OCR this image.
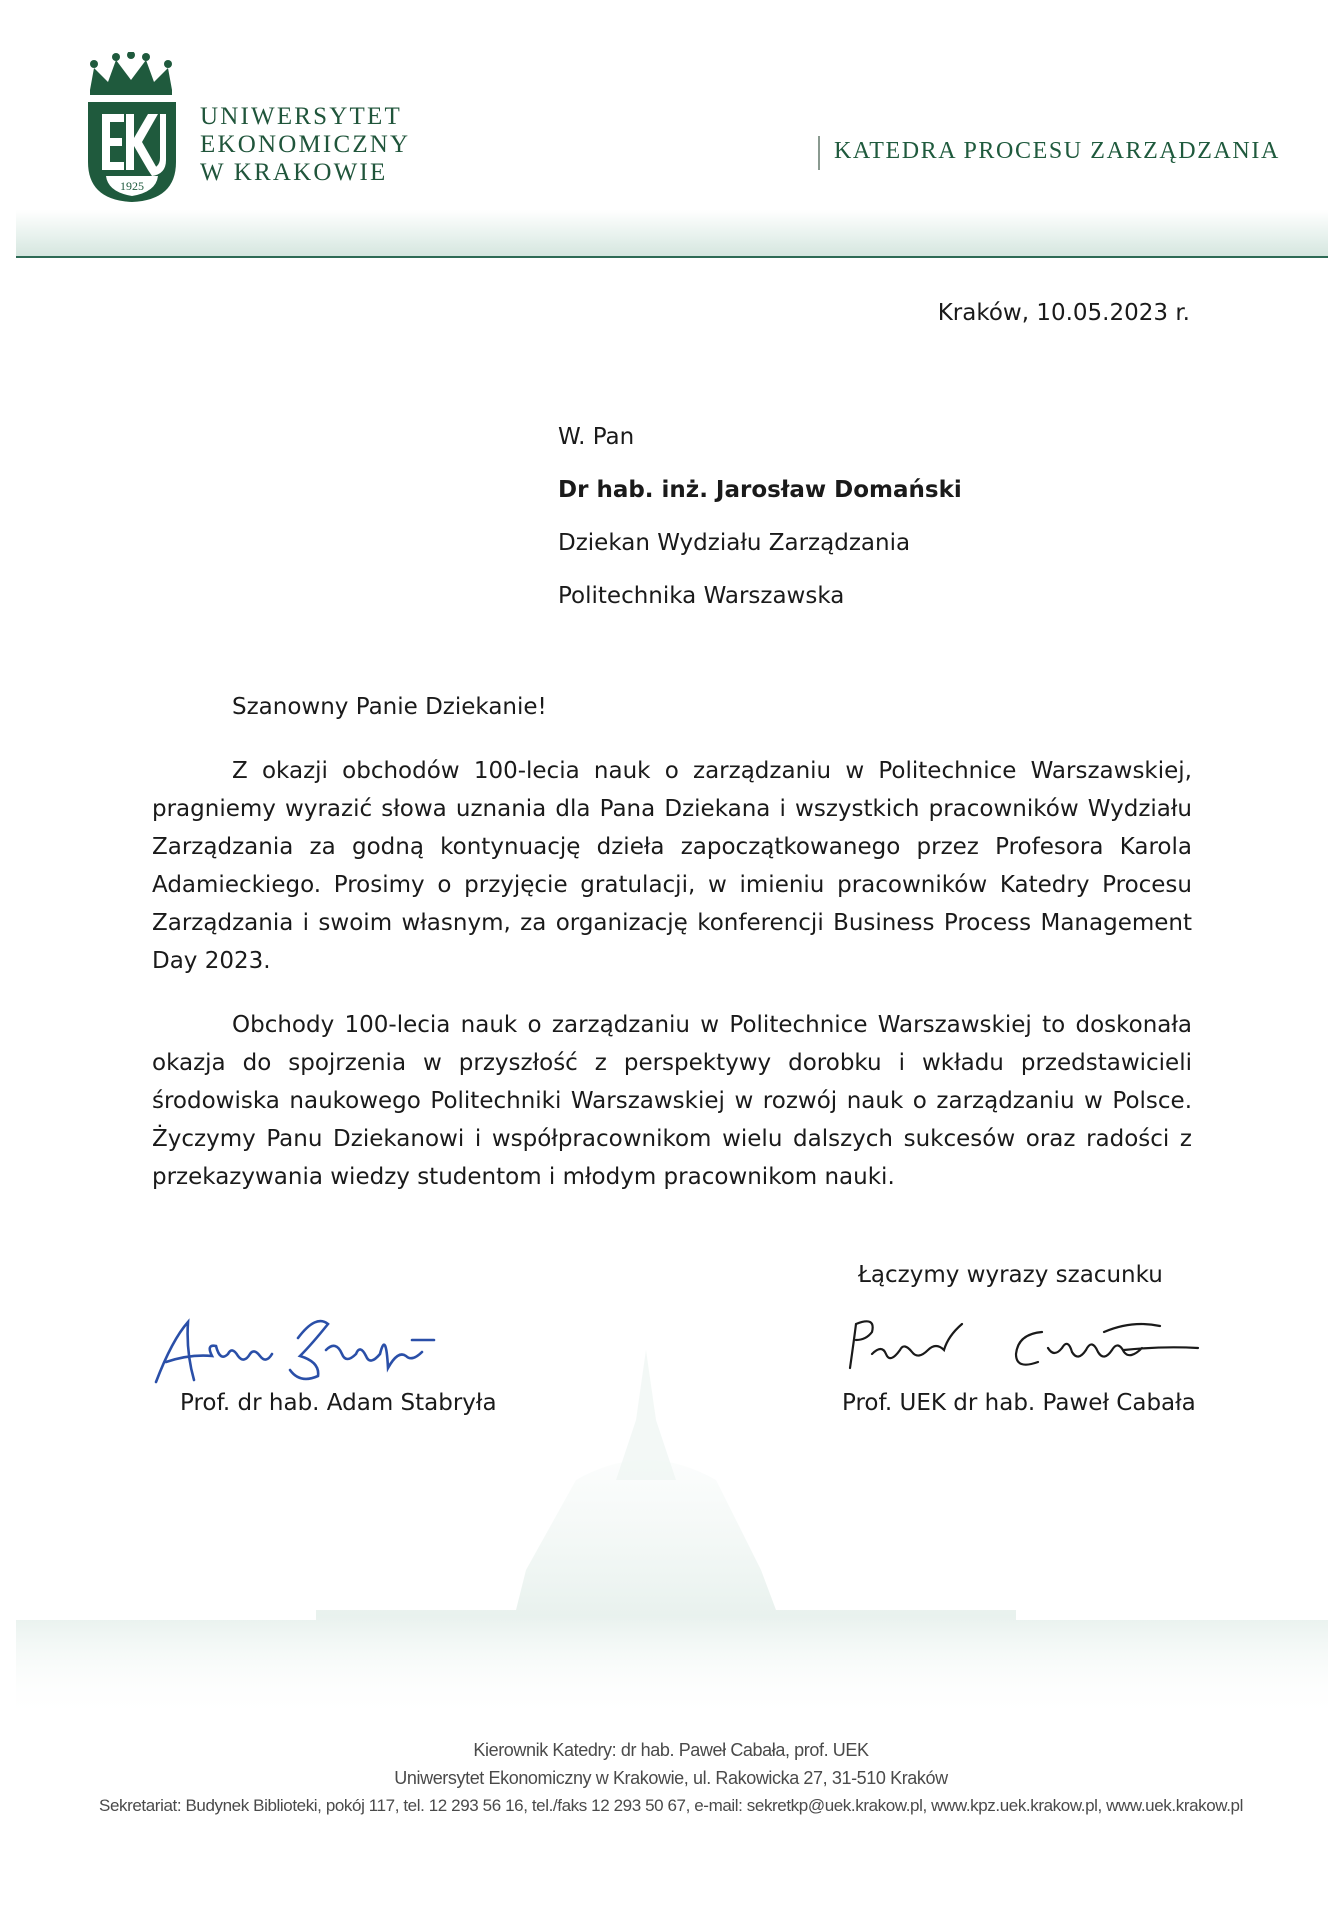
1925
UNIWERSYTET
EKONOMICZNY
W KRAKOWIE
KATEDRA PROCESU ZARZĄDZANIA
Kraków, 10.05.2023 r.
W. Pan
Dr hab. inż. Jarosław Domański
Dziekan Wydziału Zarządzania
Politechnika Warszawska
Szanowny Panie Dziekanie!
Z okazji obchodów 100-lecia nauk o zarządzaniu w Politechnice Warszawskiej, pragniemy wyrazić słowa uznania dla Pana Dziekana i wszystkich pracowników Wydziału Zarządzania za godną kontynuację dzieła zapoczątkowanego przez Profesora Karola Adamieckiego. Prosimy o przyjęcie gratulacji, w imieniu pracowników Katedry Procesu Zarządzania i swoim własnym, za organizację konferencji Business Process Management Day 2023.
Obchody 100-lecia nauk o zarządzaniu w Politechnice Warszawskiej to doskonała okazja do spojrzenia w przyszłość z perspektywy dorobku i wkładu przedstawicieli środowiska naukowego Politechniki Warszawskiej w rozwój nauk o zarządzaniu w Polsce. Życzymy Panu Dziekanowi i współpracownikom wielu dalszych sukcesów oraz radości z przekazywania wiedzy studentom i młodym pracownikom nauki.
Łączymy wyrazy szacunku
Prof. dr hab. Adam Stabryła	Prof. UEK dr hab. Paweł Cabała
Kierownik Katedry: dr hab. Paweł Cabała, prof. UEK
Uniwersytet Ekonomiczny w Krakowie, ul. Rakowicka 27, 31-510 Kraków
Sekretariat: Budynek Biblioteki, pokój 117, tel. 12 293 56 16, tel./faks 12 293 50 67, e-mail: sekretkp@uek.krakow.pl, www.kpz.uek.krakow.pl, www.uek.krakow.pl
